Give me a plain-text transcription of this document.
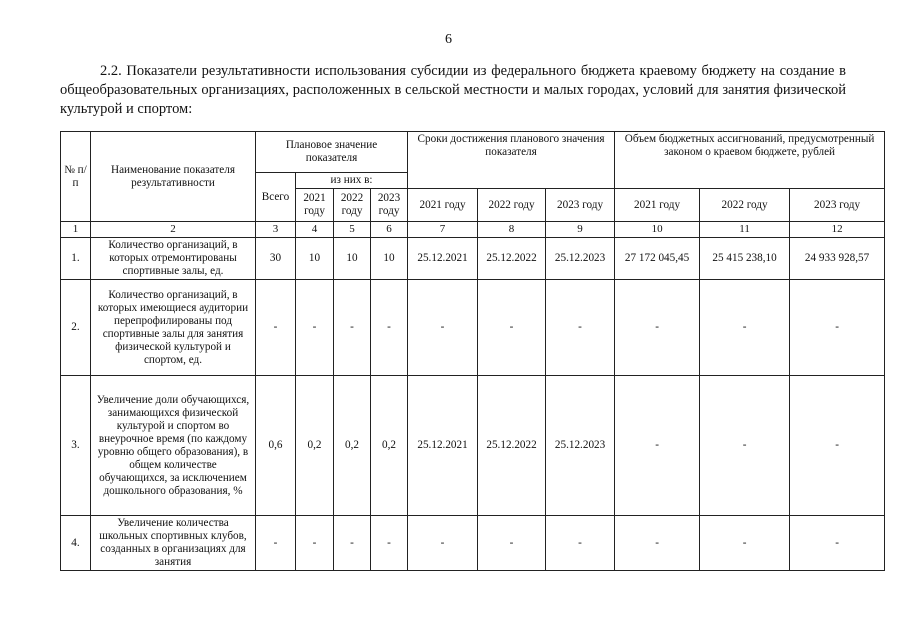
6
2.2. Показатели результативности использования субсидии из федерального бюджета краевому бюджету на создание в общеобразовательных организациях, расположенных в сельской местности и малых городах, условий для занятия физической культурой и спортом:
№ п/п	Наименование показателя результативности	Плановое значение показателя				Сроки достижения планового значения показателя			Объем бюджетных ассигнований, предусмотренный законом о краевом бюджете, рублей		
		Всего	из них в:								
			2021 году	2022 году	2023 году	2021 году	2022 году	2023 году	2021 году	2022 году	2023 году
1	2	3	4	5	6	7	8	9	10	11	12
1.	Количество организаций, в которых отремонтированы спортивные залы, ед.	30	10	10	10	25.12.2021	25.12.2022	25.12.2023	27 172 045,45	25 415 238,10	24 933 928,57
2.	Количество организаций, в которых имеющиеся аудитории перепрофилированы под спортивные залы для занятия физической культурой и спортом, ед.	-	-	-	-	-	-	-	-	-	-
3.	Увеличение доли обучающихся, занимающихся физической культурой и спортом во внеурочное время (по каждому уровню общего образования), в общем количестве обучающихся, за исключением дошкольного образования, %	0,6	0,2	0,2	0,2	25.12.2021	25.12.2022	25.12.2023	-	-	-
4.	Увеличение количества школьных спортивных клубов, созданных в организациях для занятия	-	-	-	-	-	-	-	-	-	-
